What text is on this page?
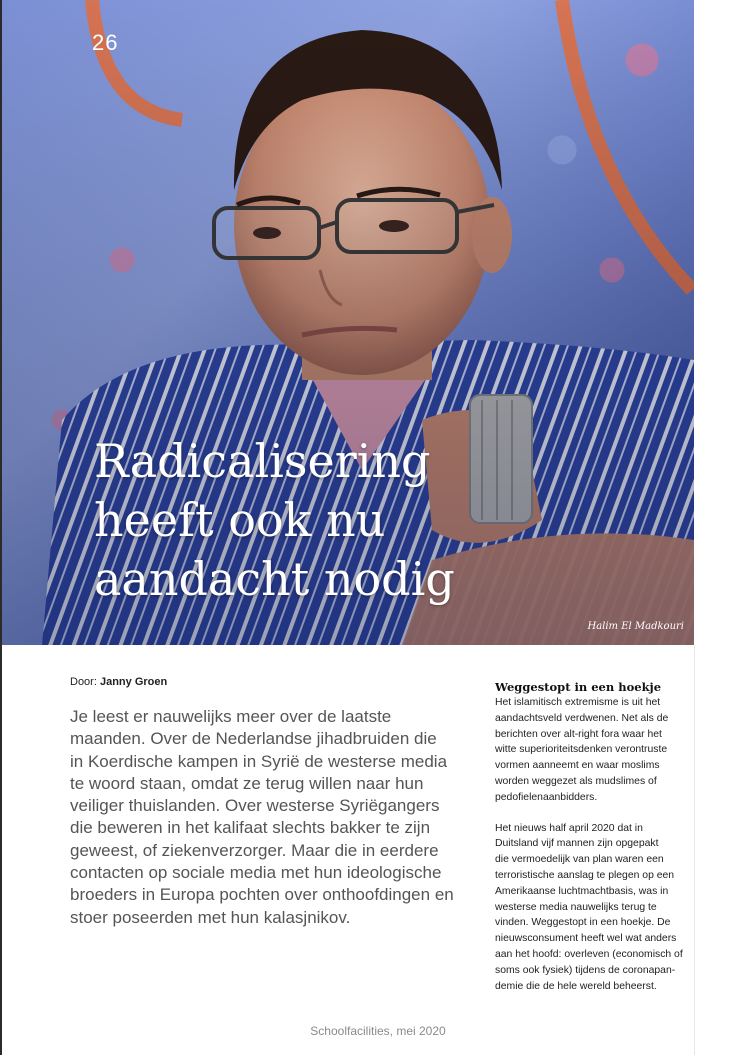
26

Radicalisering
heeft ook nu
aandacht nodig

Halim El Madkouri

Door: Janny Groen

Je leest er nauwelijks meer over de laatste
maanden. Over de Nederlandse jihadbruiden die
in Koerdische kampen in Syrië de westerse media
te woord staan, omdat ze terug willen naar hun
veiliger thuislanden. Over westerse Syriëgangers
die beweren in het kalifaat slechts bakker te zijn
geweest, of ziekenverzorger. Maar die in eerdere
contacten op sociale media met hun ideologische
broeders in Europa pochten over onthoofdingen en
stoer poseerden met hun kalasjnikov.

Weggestopt in een hoekje

Het islamitisch extremisme is uit het
aandachtsveld verdwenen. Net als de
berichten over alt-right fora waar het
witte superioriteitsdenken verontruste
vormen aanneemt en waar moslims
worden weggezet als mudslimes of
pedofielenaanbidders.

Het nieuws half april 2020 dat in
Duitsland vijf mannen zijn opgepakt
die vermoedelijk van plan waren een
terroristische aanslag te plegen op een
Amerikaanse luchtmachtbasis, was in
westerse media nauwelijks terug te
vinden. Weggestopt in een hoekje. De
nieuwsconsument heeft wel wat anders
aan het hoofd: overleven (economisch of
soms ook fysiek) tijdens de coronapan-
demie die de hele wereld beheerst.

Schoolfacilities, mei 2020
